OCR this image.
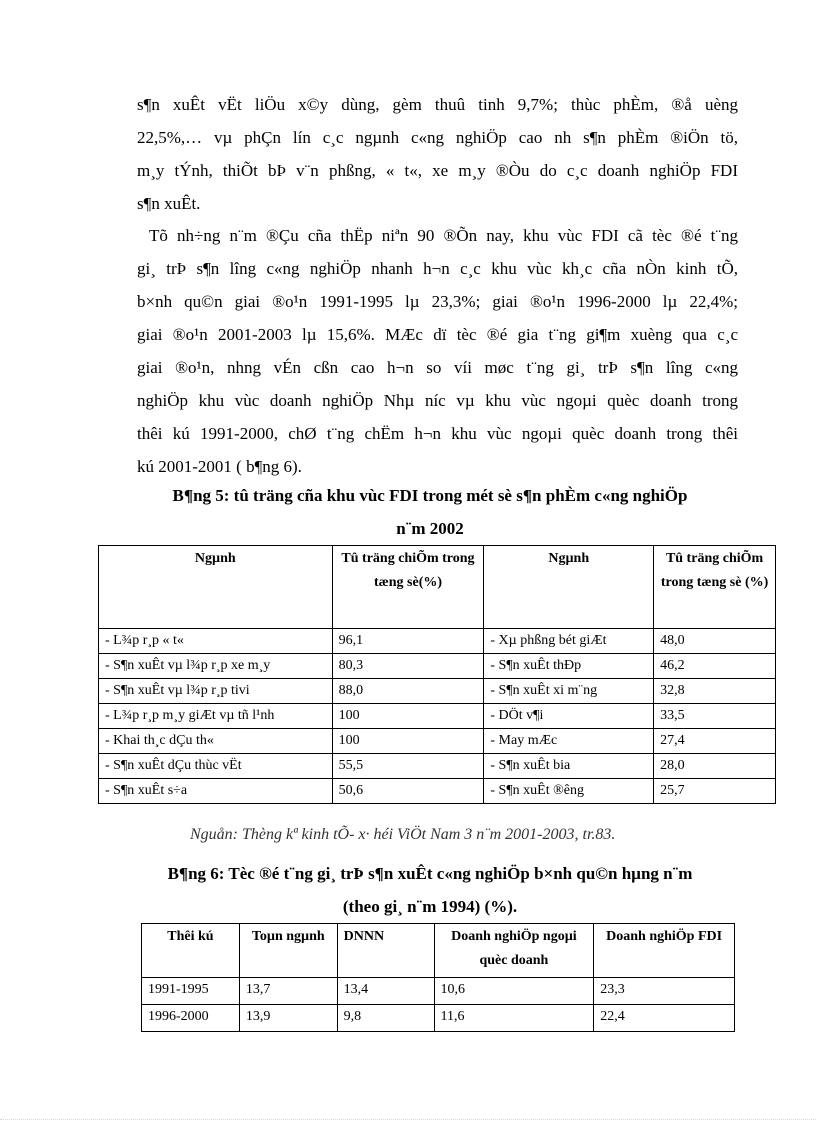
s¶n xuÊt vËt liÖu x©y dùng, gèm thuû tinh 9,7%; thùc phÈm, ®å uèng
22,5%,… vµ phÇn lín c¸c ngµnh c«ng nghiÖp cao nh s¶n phÈm ®iÖn tö,
m¸y tÝnh, thiÕt bÞ v¨n phßng, « t«, xe m¸y ®Òu do c¸c doanh nghiÖp FDI
s¶n xuÊt.
Tõ nh÷ng n¨m ®Çu cña thËp niªn 90 ®Õn nay, khu vùc FDI cã tèc ®é t¨ng
gi¸ trÞ s¶n lîng c«ng nghiÖp nhanh h¬n c¸c khu vùc kh¸c cña nÒn kinh tÕ,
b×nh qu©n giai ®o¹n 1991-1995 lµ 23,3%; giai ®o¹n 1996-2000 lµ 22,4%;
giai ®o¹n 2001-2003 lµ 15,6%. MÆc dï tèc ®é gia t¨ng gi¶m xuèng qua c¸c
giai ®o¹n, nhng vÉn cßn cao h¬n so víi møc t¨ng gi¸ trÞ s¶n lîng c«ng
nghiÖp khu vùc doanh nghiÖp Nhµ níc vµ khu vùc ngoµi quèc doanh trong
thêi kú 1991-2000, chØ t¨ng chËm h¬n khu vùc ngoµi quèc doanh trong thêi
kú 2001-2001 ( b¶ng 6).
B¶ng 5: tû träng cña khu vùc FDI trong mét sè s¶n phÈm c«ng nghiÖp
n¨m 2002
Ngµnh	Tû träng chiÕm trong tæng sè(%)	Ngµnh	Tû träng chiÕm trong tæng sè (%)
- L¾p r¸p « t«	96,1	- Xµ phßng bét giÆt	48,0
- S¶n xuÊt vµ l¾p r¸p xe m¸y	80,3	- S¶n xuÊt thÐp	46,2
- S¶n xuÊt vµ l¾p r¸p tivi	88,0	- S¶n xuÊt xi m¨ng	32,8
- L¾p r¸p m¸y giÆt vµ tñ l¹nh	100	- DÖt v¶i	33,5
- Khai th¸c dÇu th«	100	- May mÆc	27,4
- S¶n xuÊt dÇu thùc vËt	55,5	- S¶n xuÊt bia	28,0
- S¶n xuÊt s÷a	50,6	- S¶n xuÊt ®êng	25,7
Nguån: Thèng kª kinh tÕ- x· héi ViÖt Nam 3 n¨m 2001-2003, tr.83.
B¶ng 6: Tèc ®é t¨ng gi¸ trÞ s¶n xuÊt c«ng nghiÖp b×nh qu©n hµng n¨m
(theo gi¸ n¨m 1994) (%).
Thêi kú	Toµn ngµnh	DNNN	Doanh nghiÖp ngoµi quèc doanh	Doanh nghiÖp FDI
1991-1995	13,7	13,4	10,6	23,3
1996-2000	13,9	9,8	11,6	22,4
